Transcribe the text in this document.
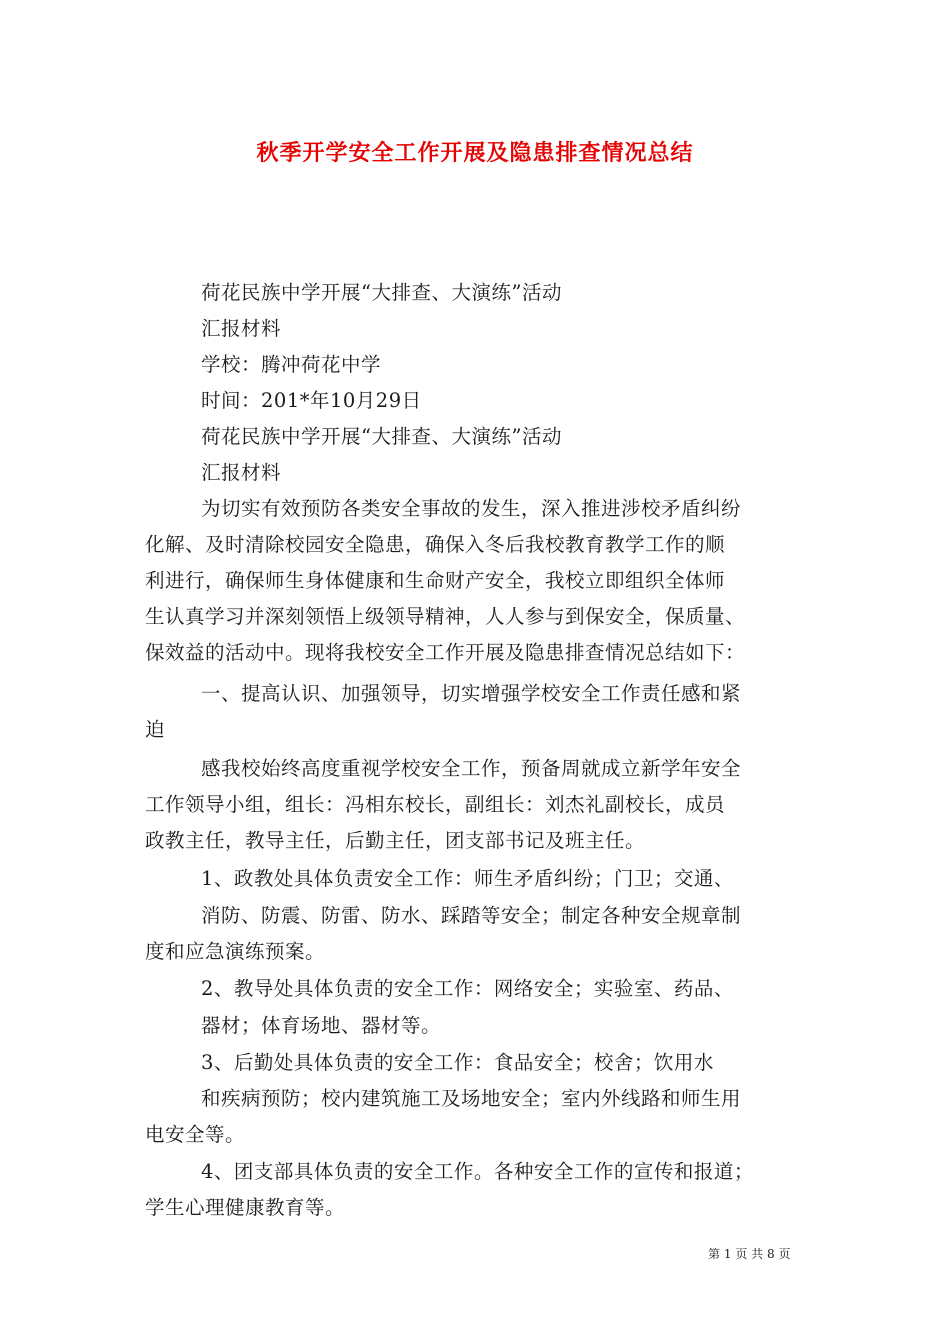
秋季开学安全工作开展及隐患排查情况总结
荷花民族中学开展“大排查、大演练”活动
汇报材料
学校：腾冲荷花中学
时间：201*年10月29日
荷花民族中学开展“大排查、大演练”活动
汇报材料
为切实有效预防各类安全事故的发生，深入推进涉校矛盾纠纷
化解、及时清除校园安全隐患，确保入冬后我校教育教学工作的顺
利进行，确保师生身体健康和生命财产安全，我校立即组织全体师
生认真学习并深刻领悟上级领导精神，人人参与到保安全，保质量、
保效益的活动中。现将我校安全工作开展及隐患排查情况总结如下：
一、提高认识、加强领导，切实增强学校安全工作责任感和紧
迫
感我校始终高度重视学校安全工作，预备周就成立新学年安全
工作领导小组，组长：冯相东校长，副组长：刘杰礼副校长，成员
政教主任，教导主任，后勤主任，团支部书记及班主任。
1、政教处具体负责安全工作：师生矛盾纠纷；门卫；交通、
消防、防震、防雷、防水、踩踏等安全；制定各种安全规章制
度和应急演练预案。
2、教导处具体负责的安全工作：网络安全；实验室、药品、
器材；体育场地、器材等。
3、后勤处具体负责的安全工作：食品安全；校舍；饮用水
和疾病预防；校内建筑施工及场地安全；室内外线路和师生用
电安全等。
4、团支部具体负责的安全工作。各种安全工作的宣传和报道；
学生心理健康教育等。
第 1 页 共 8 页
